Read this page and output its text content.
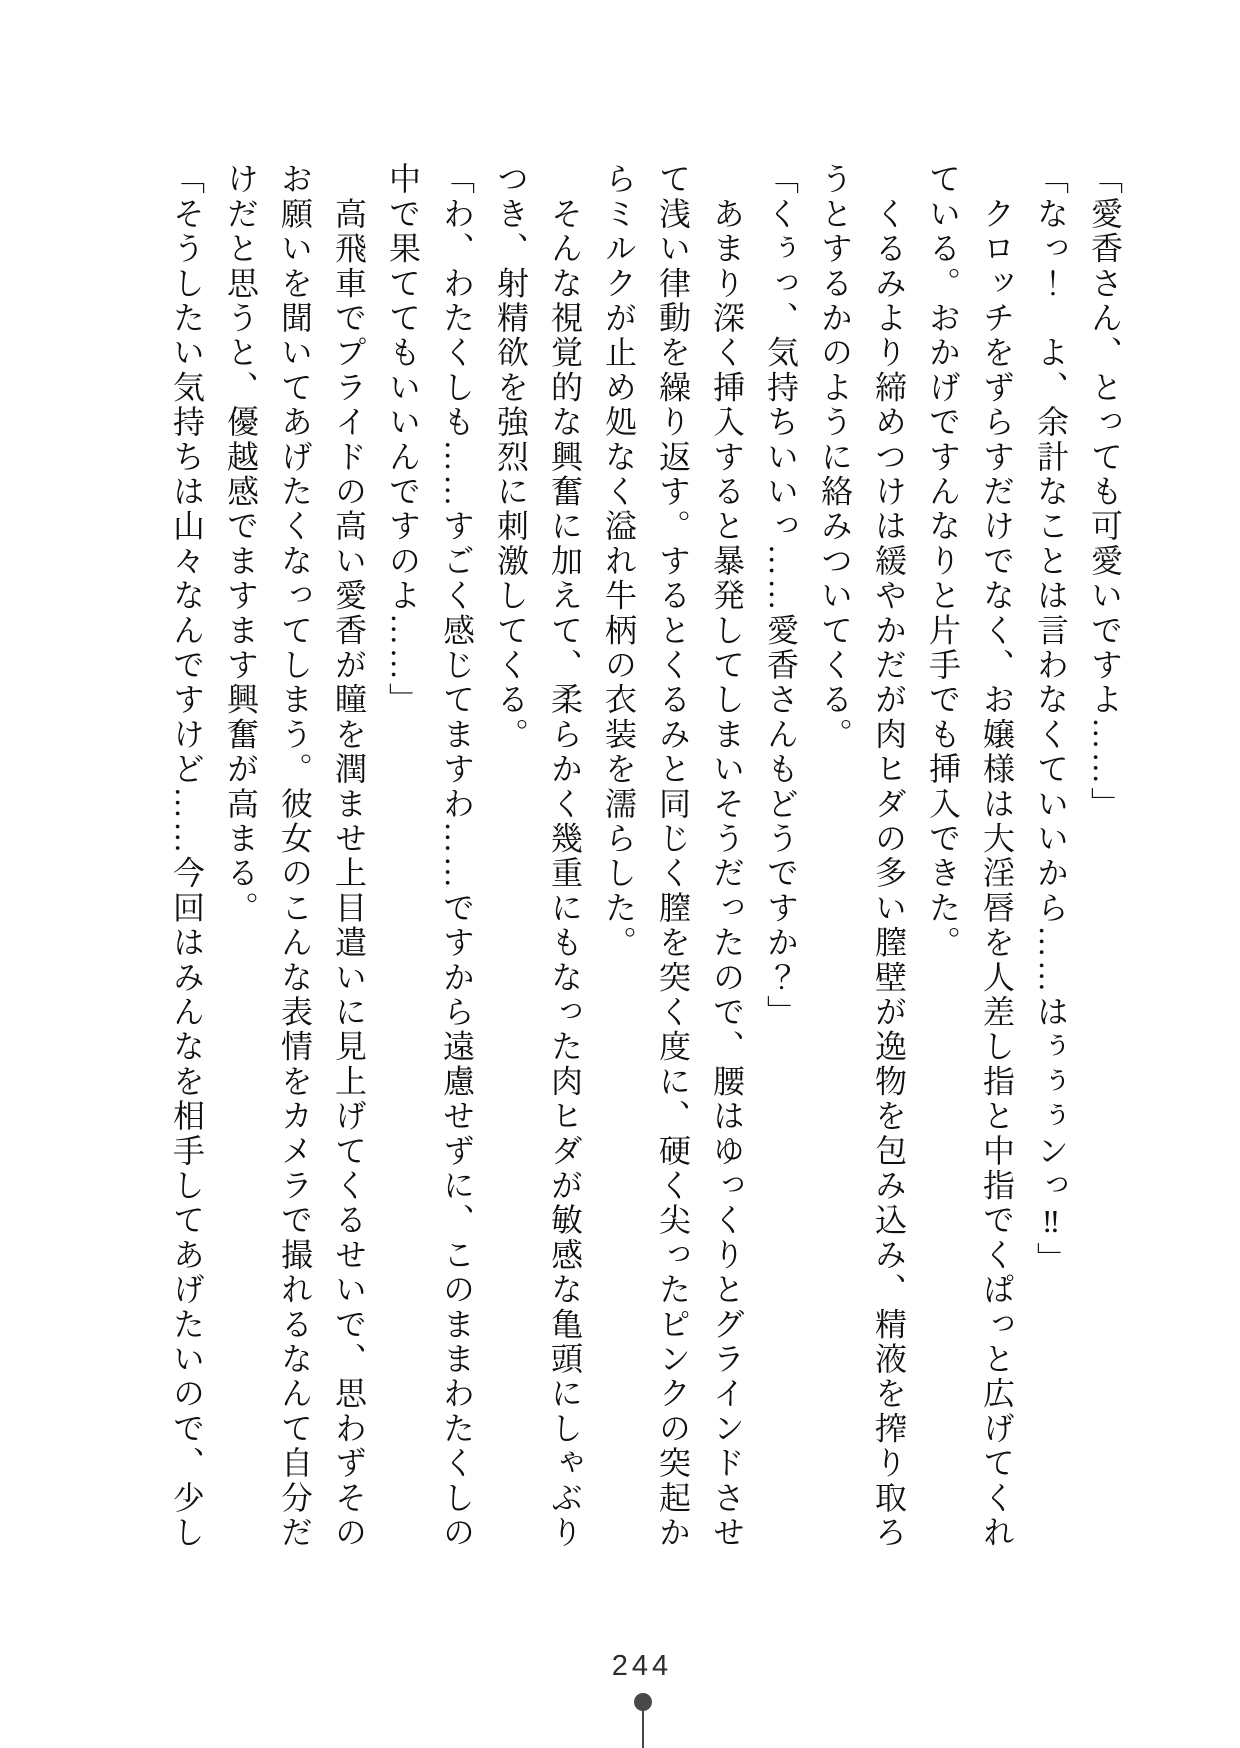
「愛香さん、とっても可愛いですよ……」
「なっ！　よ、余計なことは言わなくていいから……はぅぅぅンっ‼」
　クロッチをずらすだけでなく、お嬢様は大淫唇を人差し指と中指でくぱっと広げてくれ
ている。おかげですんなりと片手でも挿入できた。
　くるみより締めつけは緩やかだが肉ヒダの多い膣壁が逸物を包み込み、精液を搾り取ろ
うとするかのように絡みついてくる。
「くぅっ、気持ちいいっ……愛香さんもどうですか？」
　あまり深く挿入すると暴発してしまいそうだったので、腰はゆっくりとグラインドさせ
て浅い律動を繰り返す。するとくるみと同じく膣を突く度に、硬く尖ったピンクの突起か
らミルクが止め処なく溢れ牛柄の衣装を濡らした。
　そんな視覚的な興奮に加えて、柔らかく幾重にもなった肉ヒダが敏感な亀頭にしゃぶり
つき、射精欲を強烈に刺激してくる。
「わ、わたくしも……すごく感じてますわ……ですから遠慮せずに、このままわたくしの
中で果ててもいいんですのよ……」
　高飛車でプライドの高い愛香が瞳を潤ませ上目遣いに見上げてくるせいで、思わずその
お願いを聞いてあげたくなってしまう。彼女のこんな表情をカメラで撮れるなんて自分だ
けだと思うと、優越感でますます興奮が高まる。
「そうしたい気持ちは山々なんですけど……今回はみんなを相手してあげたいので、少し
244
